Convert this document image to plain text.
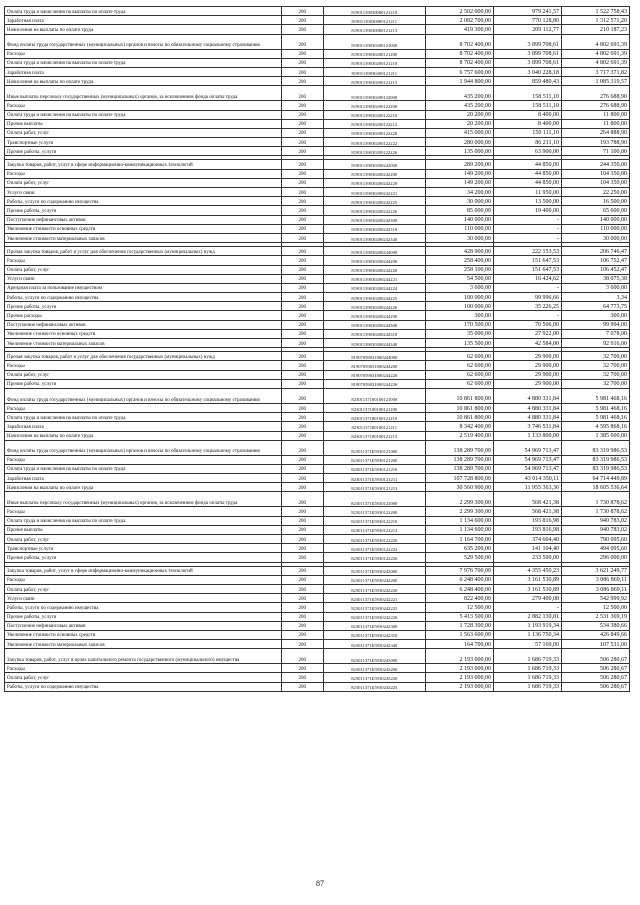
Оплата труда и начисления на выплаты по оплате труда	200	81901139030080121210	2 502 000,00	979 241,57	1 522 758,43
Заработная плата	200	81901139030080121211	2 082 700,00	770 128,80	1 312 571,20
Начисления на выплаты по оплате труда	200	81901139030080121213	419 300,00	209 112,77	210 187,23
Фонд оплаты труда государственных (муниципальных) органов и взносы по обязательному социальному страхованию	200	81901139030200121000	8 702 400,00	3 899 708,61	4 802 691,39
Расходы	200	81901139030200121200	8 702 400,00	3 899 708,61	4 802 691,39
Оплата труда и начисления на выплаты по оплате труда	200	81901139030200121210	8 702 400,00	3 899 708,61	4 802 691,39
Заработная плата	200	81901139030200121211	6 757 600,00	3 040 228,18	3 717 371,82
Начисления на выплаты по оплате труда	200	81901139030200121213	1 944 800,00	859 480,43	1 085 319,57
Иные выплаты персоналу государственных (муниципальных) органов, за исключением фонда оплаты труда	200	81901139030200122000	435 200,00	158 511,10	276 688,90
Расходы	200	81901139030200122200	435 200,00	158 511,10	276 688,90
Оплата труда и начисления на выплаты по оплате труда	200	81901139030200122210	20 200,00	8 400,00	11 800,00
Прочие выплаты	200	81901139030200122212	20 200,00	8 400,00	11 800,00
Оплата работ, услуг	200	81901139030200122220	415 000,00	150 111,10	264 888,90
Транспортные услуги	200	81901139030200122222	280 000,00	86 211,10	193 788,90
Прочие работы, услуги	200	81901139030200122226	135 000,00	63 900,00	71 100,00

Закупка товаров, работ, услуг в сфере информационно-коммуникационных технологий	200	81901139030200242000	289 200,00	44 850,00	244 350,00
Расходы	200	81901139030200242200	149 200,00	44 850,00	104 350,00
Оплата работ, услуг	200	81901139030200242220	149 200,00	44 850,00	104 350,00
Услуги связи	200	81901139030200242221	34 200,00	11 950,00	22 250,00
Работы, услуги по содержанию имущества	200	81901139030200242225	30 000,00	13 500,00	16 500,00
Прочие работы, услуги	200	81901139030200242226	85 000,00	19 400,00	65 600,00
Поступление нефинансовых активов	200	81901139030200242300	140 000,00	-	140 000,00
Увеличение стоимости основных средств	200	81901139030200242310	110 000,00	-	110 000,00
Увеличение стоимости материальных запасов	200	81901139030200242340	30 000,00	-	30 000,00

Прочая закупка товаров, работ и услуг для обеспечения государственных (муниципальных) нужд	200	81901139030200244000	428 900,00	222 153,53	206 746,47
Расходы	200	81901139030200244200	258 400,00	151 647,53	106 752,47
Оплата работ, услуг	200	81901139030200244220	258 100,00	151 647,53	106 452,47
Услуги связи	200	81901139030200244221	54 500,00	16 424,62	38 075,38
Арендная плата за пользование имуществом	200	81901139030200244224	3 600,00	-	3 600,00
Работы, услуги по содержанию имущества	200	81901139030200244225	100 000,00	99 996,66	3,34
Прочие работы, услуги	200	81901139030200244226	100 000,00	35 226,25	64 773,75
Прочие расходы	200	81901139030200244290	300,00	-	300,00
Поступление нефинансовых активов	200	81901139030200244300	170 500,00	70 506,00	99 994,00
Увеличение стоимости основных средств	200	81901139030200244310	35 000,00	27 922,00	7 078,00
Увеличение стоимости материальных запасов	200	81901139030200244340	135 500,00	42 584,00	92 916,00

Прочая закупка товаров, работ и услуг для обеспечения государственных (муниципальных) нужд	200	81907059031000244000	62 600,00	29 900,00	32 700,00
Расходы	200	81907059031000244200	62 600,00	29 900,00	32 700,00
Оплата работ, услуг	200	81907059031000244220	62 600,00	29 900,00	32 700,00
Прочие работы, услуги	200	81907059031000244226	62 600,00	29 900,00	32 700,00
Фонд оплаты труда государственных (муниципальных) органов и взносы по обязательному социальному страхованию	200	82301137180100121000	10 861 800,00	4 880 331,84	5 981 468,16
Расходы	200	82301137180100121200	10 861 800,00	4 880 331,84	5 981 468,16
Оплата труда и начисления на выплаты по оплате труда	200	82301137180100121210	10 861 800,00	4 880 331,84	5 981 468,16
Заработная плата	200	82301137180100121211	8 342 400,00	3 746 531,84	4 595 868,16
Начисления на выплаты по оплате труда	200	82301137180100121213	2 519 400,00	1 133 800,00	1 385 600,00
Фонд оплаты труда государственных (муниципальных) органов и взносы по обязательному социальному страхованию	200	823011371Б5930121000	138 289 700,00	54 969 713,47	83 319 986,53
Расходы	200	823011371Б5930121200	138 289 700,00	54 969 713,47	83 319 986,53
Оплата труда и начисления на выплаты по оплате труда	200	823011371Б5930121210	138 289 700,00	54 969 713,47	83 319 986,53
Заработная плата	200	823011371Б5930121211	107 728 800,00	43 014 350,11	64 714 449,89
Начисления на выплаты по оплате труда	200	823011371Б5930121213	30 560 900,00	11 955 363,36	18 605 536,64
Иные выплаты персоналу государственных (муниципальных) органов, за исключением фонда оплаты труда	200	823011371Б5930122000	2 299 300,00	568 421,38	1 730 878,62
Расходы	200	823011371Б5930122200	2 299 300,00	568 421,38	1 730 878,62
Оплата труда и начисления на выплаты по оплате труда	200	823011371Б5930122210	1 134 600,00	193 816,98	940 783,02
Прочие выплаты	200	823011371Б5930122212	1 134 600,00	193 816,98	940 783,02
Оплата работ, услуг	200	823011371Б5930122220	1 164 700,00	374 604,40	790 095,60
Транспортные услуги	200	823011371Б5930122222	635 200,00	141 104,40	494 095,60
Прочие работы, услуги	200	823011371Б5930122226	529 500,00	233 500,00	296 000,00

Закупка товаров, работ, услуг в сфере информационно-коммуникационных технологий	200	823011371Б5930242000	7 976 700,00	4 355 450,23	3 621 249,77
Расходы	200	823011371Б5930242200	6 248 400,00	3 161 530,89	3 086 869,11
Оплата работ, услуг	200	823011371Б5930242220	6 248 400,00	3 161 530,89	3 086 869,11
Услуги связи	200	823011371Б5930242221	822 400,00	279 400,08	542 999,92
Работы, услуги по содержанию имущества	200	823011371Б5930242225	12 500,00	-	12 500,00
Прочие работы, услуги	200	823011371Б5930242226	5 413 500,00	2 882 130,81	2 531 369,19
Поступление нефинансовых активов	200	823011371Б5930242300	1 728 300,00	1 193 919,34	534 380,66
Увеличение стоимости основных средств	200	823011371Б5930242310	1 563 600,00	1 136 750,34	426 849,66
Увеличение стоимости материальных запасов	200	823011371Б5930242340	164 700,00	57 169,00	107 531,00
Закупка товаров, работ, услуг в целях капитального ремонта государственного (муниципального) имущества	200	823011371Б5930243000	2 193 000,00	1 686 719,33	506 280,67
Расходы	200	823011371Б5930243200	2 193 000,00	1 686 719,33	506 280,67
Оплата работ, услуг	200	823011371Б5930243220	2 193 000,00	1 686 719,33	506 280,67
Работы, услуги по содержанию имущества	200	823011371Б5930243225	2 193 000,00	1 686 719,33	506 280,67
87
